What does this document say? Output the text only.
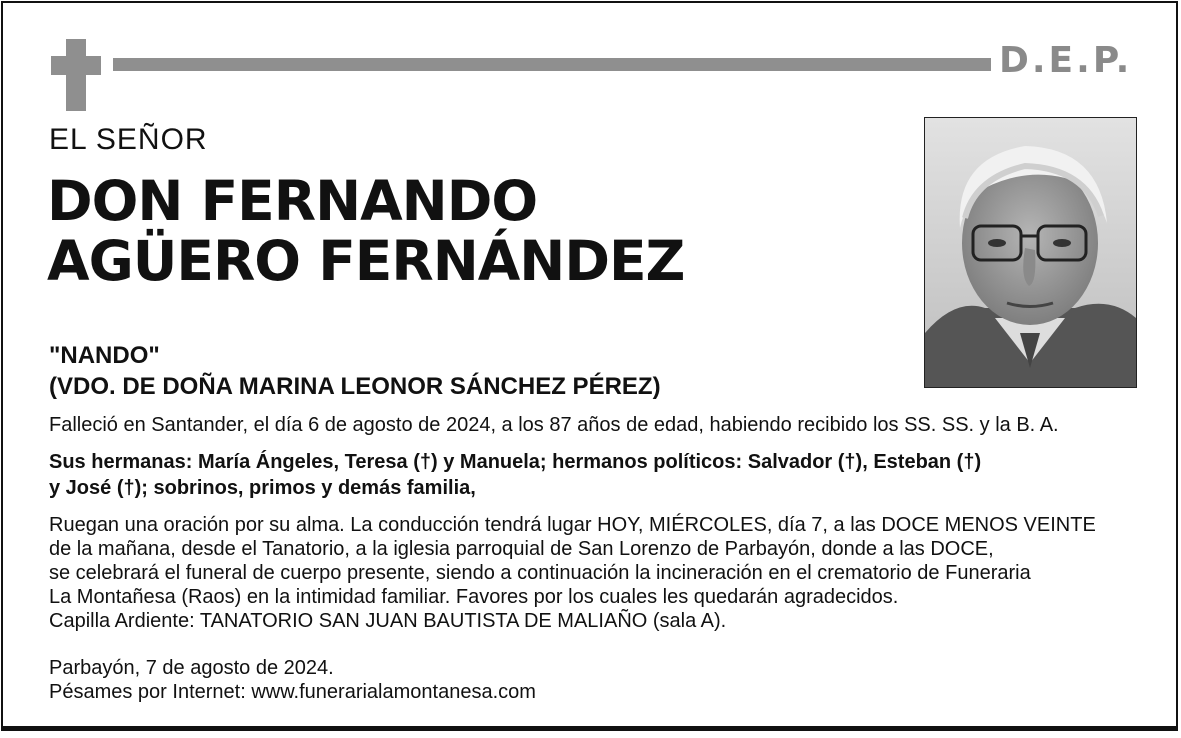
D.E.P.
EL SEÑOR
DON FERNANDO
AGÜERO FERNÁNDEZ
"NANDO"
(VDO. DE DOÑA MARINA LEONOR SÁNCHEZ PÉREZ)
Falleció en Santander, el día 6 de agosto de 2024, a los 87 años de edad, habiendo recibido los SS. SS. y la B. A.
Sus hermanas: María Ángeles, Teresa (†) y Manuela; hermanos políticos: Salvador (†), Esteban (†)
y José (†); sobrinos, primos y demás familia,
Ruegan una oración por su alma. La conducción tendrá lugar HOY, MIÉRCOLES, día 7, a las DOCE MENOS VEINTE
de la mañana, desde el Tanatorio, a la iglesia parroquial de San Lorenzo de Parbayón, donde a las DOCE,
se celebrará el funeral de cuerpo presente, siendo a continuación la incineración en el crematorio de Funeraria
La Montañesa (Raos) en la intimidad familiar. Favores por los cuales les quedarán agradecidos.
Capilla Ardiente: TANATORIO SAN JUAN BAUTISTA DE MALIAÑO (sala A).
Parbayón, 7 de agosto de 2024.
Pésames por Internet: www.funerarialamontanesa.com
